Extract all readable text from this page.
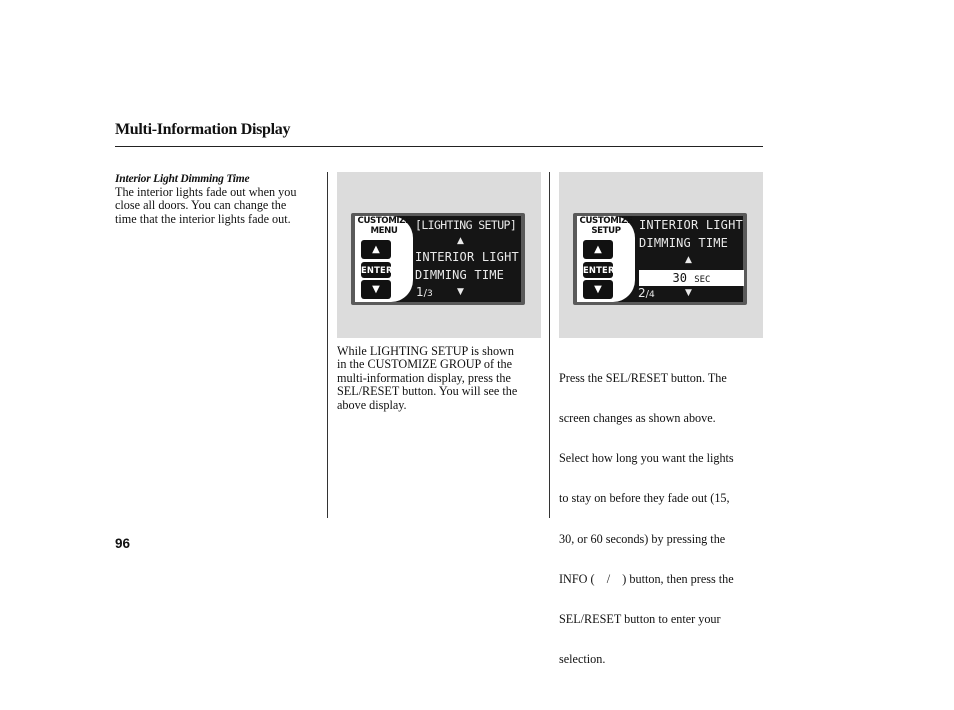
Multi-Information Display
Interior Light Dimming Time
The interior lights fade out when you
close all doors. You can change the
time that the interior lights fade out.	CUSTOMIZE
MENU
▲
ENTER
▼
[LIGHTING SETUP]
▲
INTERIOR LIGHT
DIMMING TIME
1/3	▼
CUSTOMIZE
SETUP
▲
ENTER
▼
INTERIOR LIGHT
DIMMING TIME
▲
30 SEC
2/4	▼
While LIGHTING SETUP is shown
in the CUSTOMIZE GROUP of the
multi-information display, press the
SEL/RESET button. You will see the
above display.

Press the SEL/RESET button. The

screen changes as shown above.

Select how long you want the lights

to stay on before they fade out (15,

30, or 60 seconds) by pressing the

INFO (    /    ) button, then press the

SEL/RESET button to enter your

selection.

96
